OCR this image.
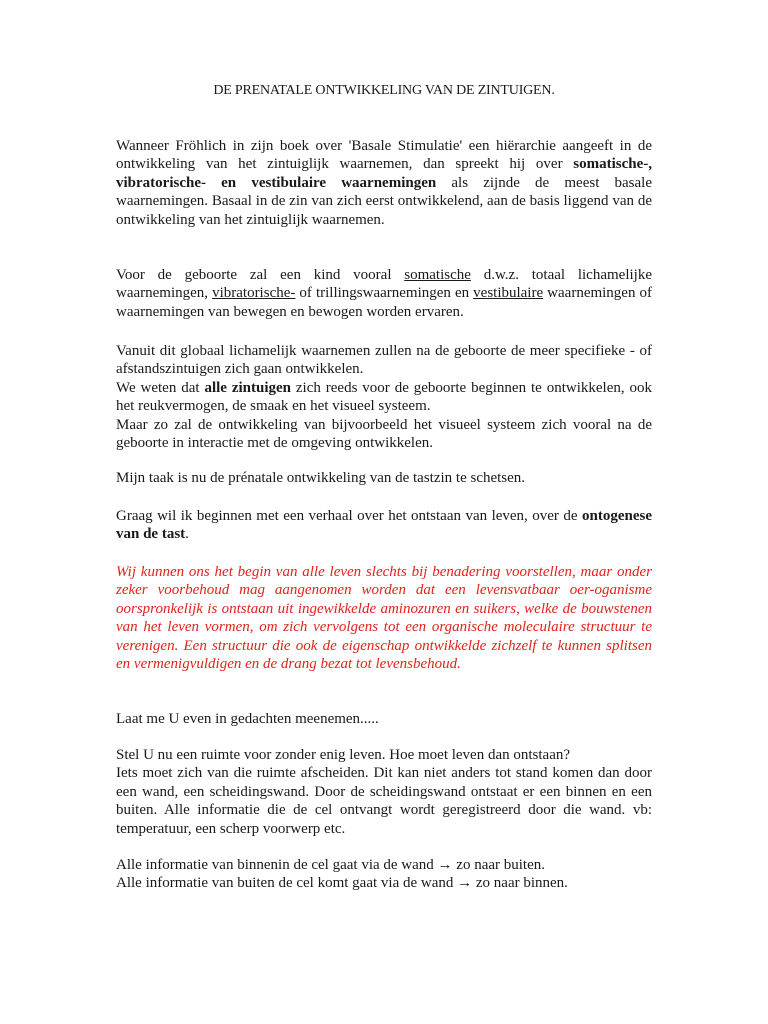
DE PRENATALE ONTWIKKELING VAN DE ZINTUIGEN.

Wanneer Fröhlich in zijn boek over 'Basale Stimulatie' een hiërarchie aangeeft in de ontwikkeling van het zintuiglijk waarnemen, dan spreekt hij over somatische-, vibratorische- en vestibulaire waarnemingen als zijnde de meest basale waarnemingen. Basaal in de zin van zich eerst ontwikkelend, aan de basis liggend van de ontwikkeling van het zintuiglijk waarnemen.

Voor de geboorte zal een kind vooral somatische d.w.z. totaal lichamelijke waarnemingen, vibratorische- of trillingswaarnemingen en vestibulaire waarnemingen of waarnemingen van bewegen en bewogen worden ervaren.

Vanuit dit globaal lichamelijk waarnemen zullen na de geboorte de meer specifieke - of afstandszintuigen zich gaan ontwikkelen.

We weten dat alle zintuigen zich reeds voor de geboorte beginnen te ontwikkelen, ook het reukvermogen, de smaak en het visueel systeem.

Maar zo zal de ontwikkeling van bijvoorbeeld het visueel systeem zich vooral na de geboorte in interactie met de omgeving ontwikkelen.

Mijn taak is nu de prénatale ontwikkeling van de tastzin te schetsen.

Graag wil ik beginnen met een verhaal over het ontstaan van leven, over de ontogenese van de tast.

Wij kunnen ons het begin van alle leven slechts bij benadering voorstellen, maar onder zeker voorbehoud mag aangenomen worden dat een levensvatbaar oer-oganisme oorspronkelijk is ontstaan uit ingewikkelde aminozuren en suikers, welke de bouwstenen van het leven vormen, om zich vervolgens tot een organische moleculaire structuur te verenigen. Een structuur die ook de eigenschap ontwikkelde zichzelf te kunnen splitsen en vermenigvuldigen en de drang bezat tot levensbehoud.

Laat me U even in gedachten meenemen.....

Stel U nu een ruimte voor zonder enig leven. Hoe moet leven dan ontstaan?

Iets moet zich van die ruimte afscheiden. Dit kan niet anders tot stand komen dan door een wand, een scheidingswand. Door de scheidingswand ontstaat er een binnen en een buiten. Alle informatie die de cel ontvangt wordt geregistreerd door die wand. vb: temperatuur, een scherp voorwerp etc.

Alle informatie van binnenin de cel gaat via de wand → zo naar buiten.

Alle informatie van buiten de cel komt gaat via de wand → zo naar binnen.
